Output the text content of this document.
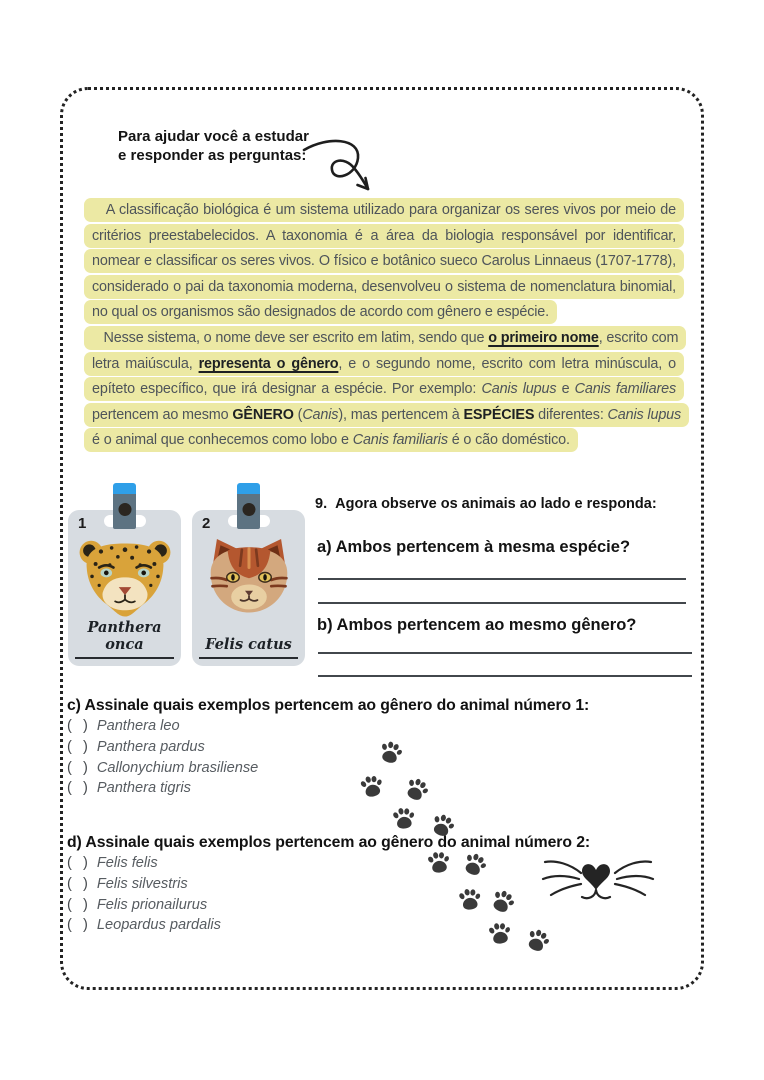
Para ajudar você a estudar
e responder as perguntas:

A classificação biológica é um sistema utilizado para organizar os seres vivos por meio de critérios preestabelecidos. A taxonomia é a área da biologia responsável por identificar, nomear e classificar os seres vivos. O físico e botânico sueco Carolus Linnaeus (1707-1778), considerado o pai da taxonomia moderna, desenvolveu o sistema de nomenclatura binomial, no qual os organismos são designados de acordo com gênero e espécie.

Nesse sistema, o nome deve ser escrito em latim, sendo que o primeiro nome, escrito com letra maiúscula, representa o gênero, e o segundo nome, escrito com letra minúscula, o epíteto específico, que irá designar a espécie. Por exemplo: Canis lupus e Canis familiares pertencem ao mesmo GÊNERO (Canis), mas pertencem à ESPÉCIES diferentes: Canis lupus é o animal que conhecemos como lobo e Canis familiaris é o cão doméstico.

1
Panthera onca
2
Felis catus
9.  Agora observe os animais ao lado e responda:
a) Ambos pertencem à mesma espécie?
b) Ambos pertencem ao mesmo gênero?
c) Assinale quais exemplos pertencem ao gênero do animal número 1:
(  ) Panthera leo
(  ) Panthera pardus
(  ) Callonychium brasiliense
(  ) Panthera tigris
d) Assinale quais exemplos pertencem ao gênero do animal número 2:
(  ) Felis felis
(  ) Felis silvestris
(  ) Felis prionailurus
(  ) Leopardus pardalis
